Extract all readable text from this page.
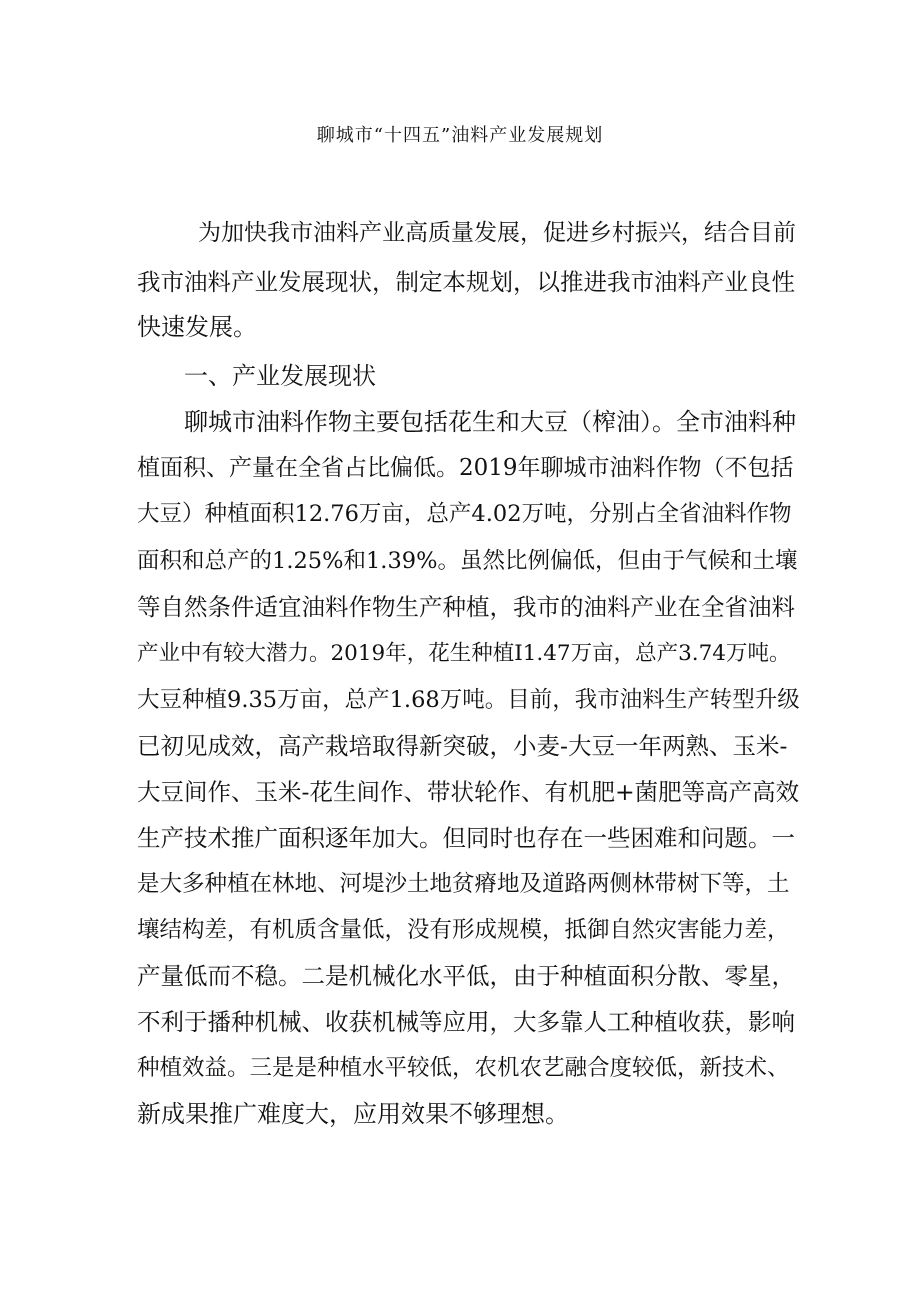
聊城市“十四五”油料产业发展规划

为加快我市油料产业高质量发展，促进乡村振兴，结合目前

我市油料产业发展现状，制定本规划，以推进我市油料产业良性

快速发展。

一、产业发展现状

聊城市油料作物主要包括花生和大豆（榨油）。全市油料种

植面积、产量在全省占比偏低。2019年聊城市油料作物（不包括

大豆）种植面积12.76万亩，总产4.02万吨，分别占全省油料作物

面积和总产的1.25%和1.39%。虽然比例偏低，但由于气候和土壤

等自然条件适宜油料作物生产种植，我市的油料产业在全省油料

产业中有较大潜力。2019年，花生种植I1.47万亩，总产3.74万吨。

大豆种植9.35万亩，总产1.68万吨。目前，我市油料生产转型升级

已初见成效，高产栽培取得新突破，小麦-大豆一年两熟、玉米-

大豆间作、玉米-花生间作、带状轮作、有机肥+菌肥等高产高效

生产技术推广面积逐年加大。但同时也存在一些困难和问题。一

是大多种植在林地、河堤沙土地贫瘠地及道路两侧林带树下等，土

壤结构差，有机质含量低，没有形成规模，抵御自然灾害能力差，

产量低而不稳。二是机械化水平低，由于种植面积分散、零星，

不利于播种机械、收获机械等应用，大多靠人工种植收获，影响

种植效益。三是是种植水平较低，农机农艺融合度较低，新技术、

新成果推广难度大，应用效果不够理想。
